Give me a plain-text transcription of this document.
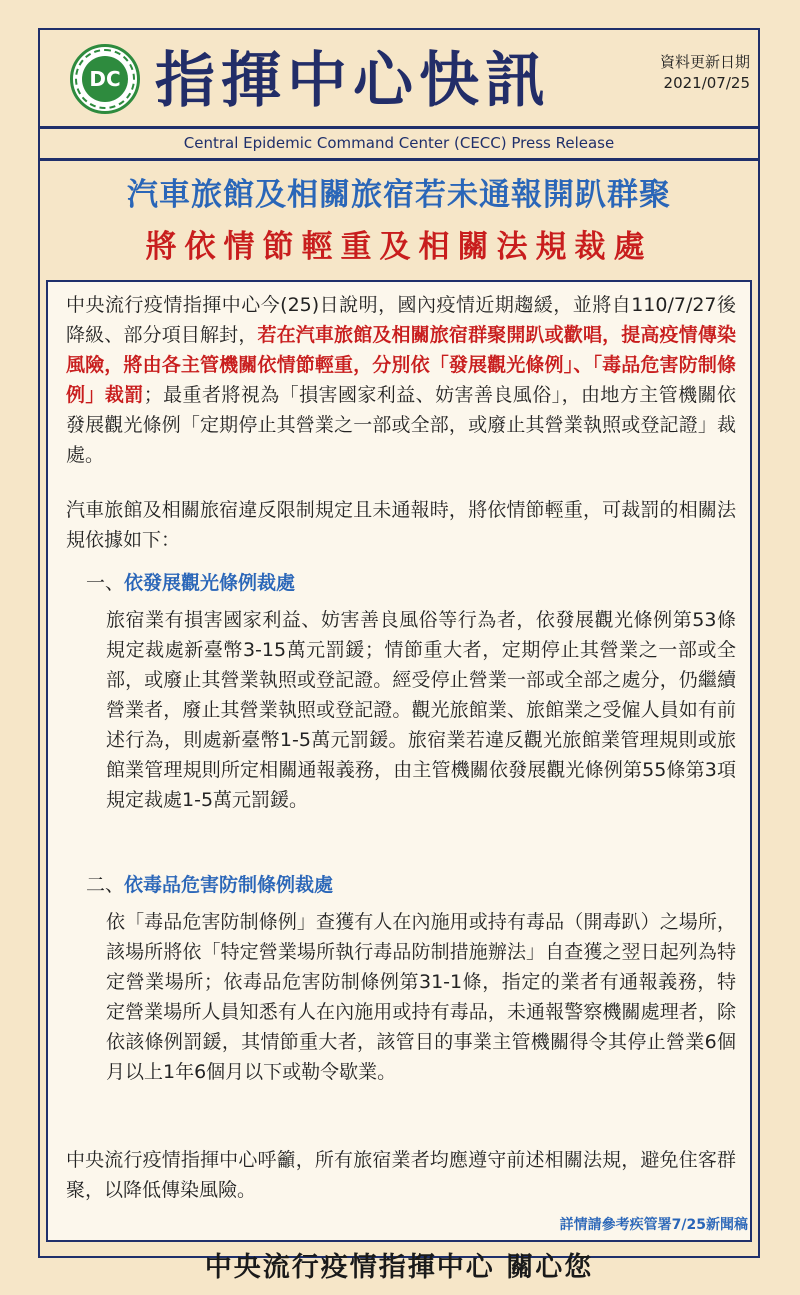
DC 指揮中心快訊	資料更新日期
2021/07/25
Central Epidemic Command Center (CECC) Press Release
汽車旅館及相關旅宿若未通報開趴群聚
將依情節輕重及相關法規裁處
中央流行疫情指揮中心今(25)日說明，國內疫情近期趨緩，並將自110/7/27後降級、部分項目解封，若在汽車旅館及相關旅宿群聚開趴或歡唱，提高疫情傳染風險，將由各主管機關依情節輕重，分別依「發展觀光條例」、「毒品危害防制條例」裁罰；最重者將視為「損害國家利益、妨害善良風俗」，由地方主管機關依發展觀光條例「定期停止其營業之一部或全部，或廢止其營業執照或登記證」裁處。
汽車旅館及相關旅宿違反限制規定且未通報時，將依情節輕重，可裁罰的相關法規依據如下：
一、依發展觀光條例裁處
旅宿業有損害國家利益、妨害善良風俗等行為者，依發展觀光條例第53條規定裁處新臺幣3-15萬元罰鍰；情節重大者，定期停止其營業之一部或全部，或廢止其營業執照或登記證。經受停止營業一部或全部之處分，仍繼續營業者，廢止其營業執照或登記證。觀光旅館業、旅館業之受僱人員如有前述行為，則處新臺幣1-5萬元罰鍰。旅宿業若違反觀光旅館業管理規則或旅館業管理規則所定相關通報義務，由主管機關依發展觀光條例第55條第3項規定裁處1-5萬元罰鍰。
二、依毒品危害防制條例裁處
依「毒品危害防制條例」查獲有人在內施用或持有毒品（開毒趴）之場所，該場所將依「特定營業場所執行毒品防制措施辦法」自查獲之翌日起列為特定營業場所；依毒品危害防制條例第31-1條，指定的業者有通報義務，特定營業場所人員知悉有人在內施用或持有毒品，未通報警察機關處理者，除依該條例罰鍰，其情節重大者，該管目的事業主管機關得令其停止營業6個月以上1年6個月以下或勒令歇業。
中央流行疫情指揮中心呼籲，所有旅宿業者均應遵守前述相關法規，避免住客群聚，以降低傳染風險。
詳情請參考疾管署7/25新聞稿
中央流行疫情指揮中心 關心您
